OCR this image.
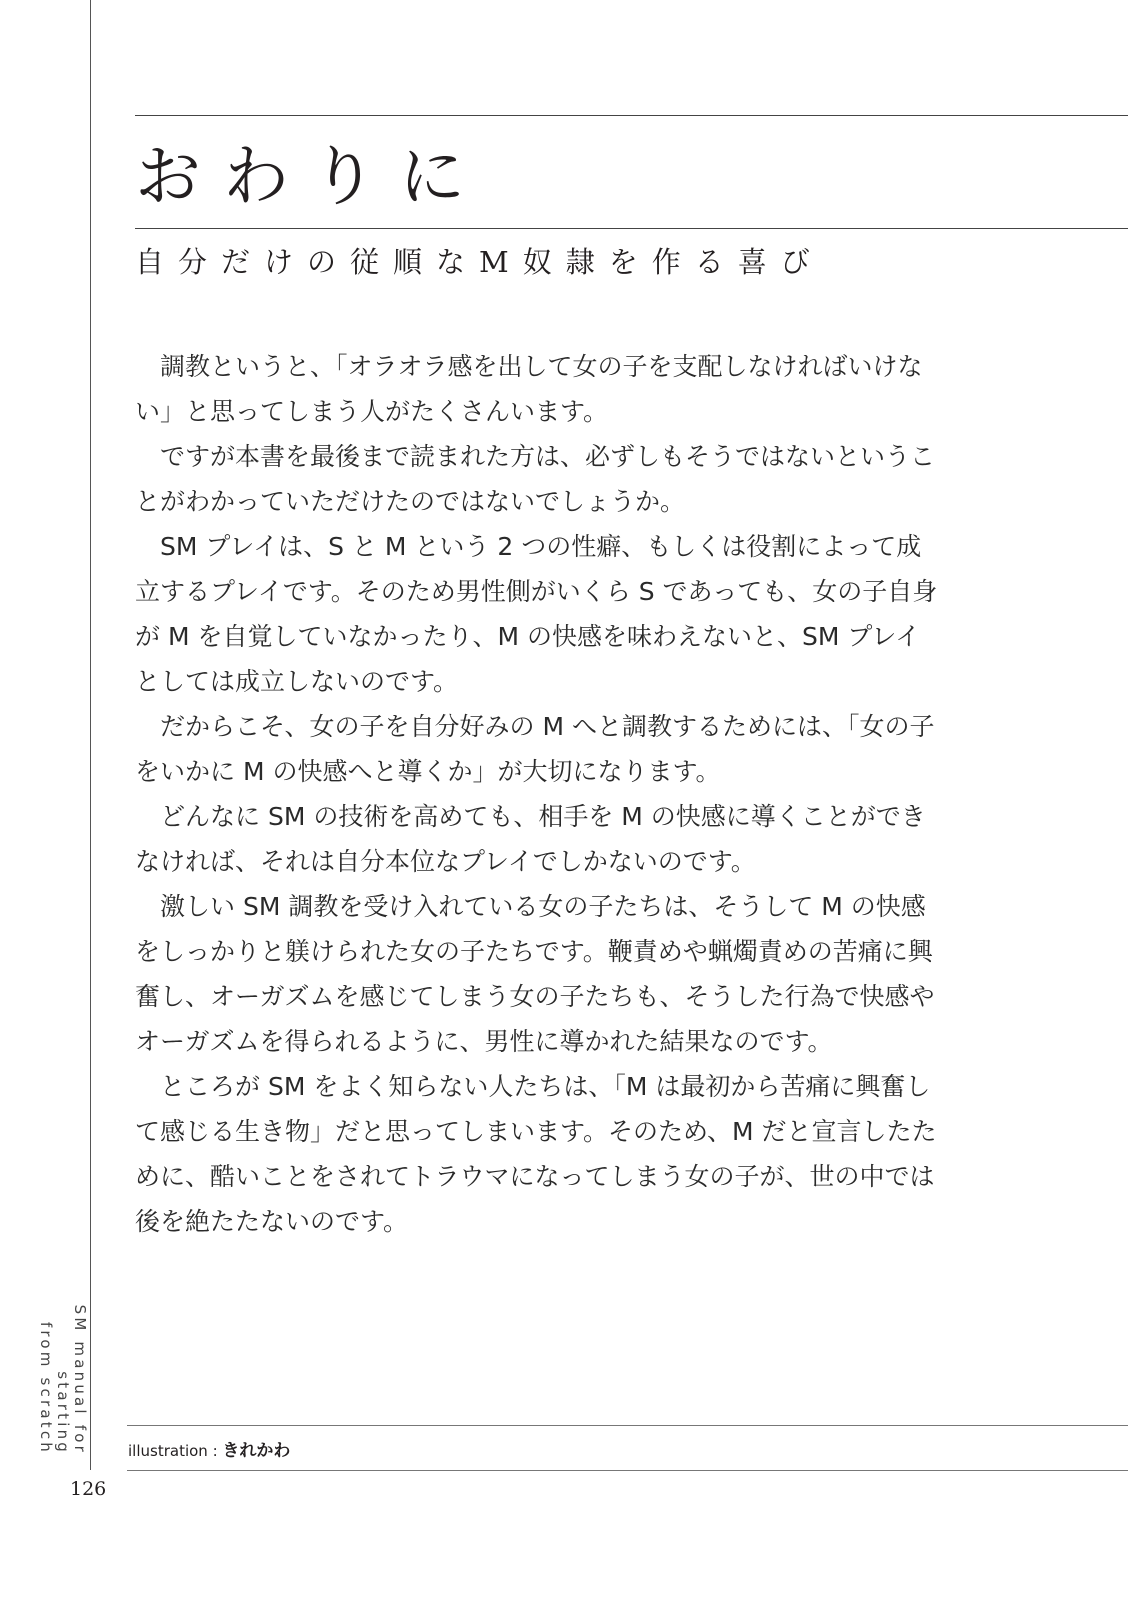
おわりに
自分だけの従順なM奴隷を作る喜び
　調教というと、「オラオラ感を出して女の子を支配しなければいけな
い」と思ってしまう人がたくさんいます。
　ですが本書を最後まで読まれた方は、必ずしもそうではないというこ
とがわかっていただけたのではないでしょうか。
　SM プレイは、S と M という 2 つの性癖、もしくは役割によって成
立するプレイです。そのため男性側がいくら S であっても、女の子自身
が M を自覚していなかったり、M の快感を味わえないと、SM プレイ
としては成立しないのです。
　だからこそ、女の子を自分好みの M へと調教するためには、「女の子
をいかに M の快感へと導くか」が大切になります。
　どんなに SM の技術を高めても、相手を M の快感に導くことができ
なければ、それは自分本位なプレイでしかないのです。
　激しい SM 調教を受け入れている女の子たちは、そうして M の快感
をしっかりと躾けられた女の子たちです。鞭責めや蝋燭責めの苦痛に興
奮し、オーガズムを感じてしまう女の子たちも、そうした行為で快感や
オーガズムを得られるように、男性に導かれた結果なのです。
　ところが SM をよく知らない人たちは、「M は最初から苦痛に興奮し
て感じる生き物」だと思ってしまいます。そのため、M だと宣言したた
めに、酷いことをされてトラウマになってしまう女の子が、世の中では
後を絶たたないのです。
SM manual for starting
from scratch	illustration : きれかわ
126
